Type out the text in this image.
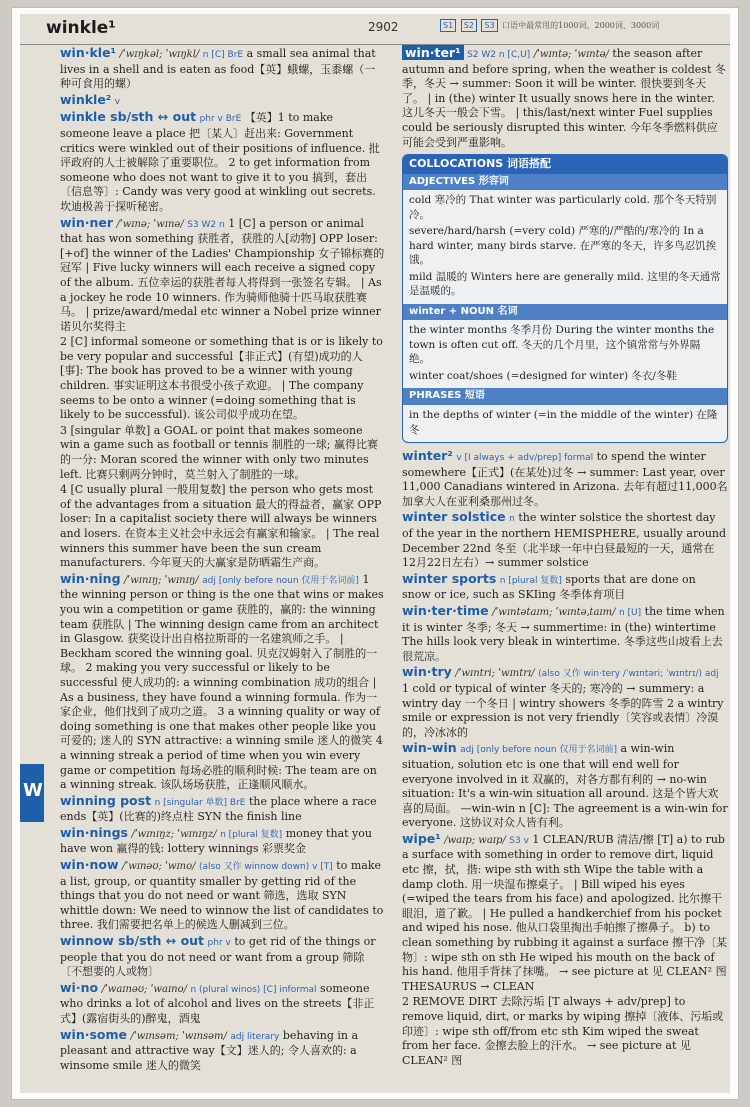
winkle¹	2902	S1 S2 S3 口语中最常用的1000词、2000词、3000词
W

win·kle¹ /ˈwɪŋkəl; ˈwɪŋkl/ n [C] BrE a small sea animal that lives in a shell and is eaten as food【英】蛾螺，玉黍螺（一种可食用的螺）

winkle² v

winkle sb/sth ↔ out phr v BrE 【英】1 to make someone leave a place 把〔某人〕赶出来: Government critics were winkled out of their positions of influence. 批评政府的人士被解除了重要职位。 2 to get information from someone who does not want to give it to you 搞到，套出〔信息等〕: Candy was very good at winkling out secrets. 坎迪极善于探听秘密。

win·ner /ˈwɪnə; ˈwɪnə/ S3 W2 n 1 [C] a person or animal that has won something 获胜者，获胜的人[动物] OPP loser: [+of] the winner of the Ladies' Championship 女子锦标赛的冠军 | Five lucky winners will each receive a signed copy of the album. 五位幸运的获胜者每人将得到一张签名专辑。 | As a jockey he rode 10 winners. 作为骑师他骑十匹马取获胜赛马。 | prize/award/medal etc winner a Nobel prize winner 诺贝尔奖得主

2 [C] informal someone or something that is or is likely to be very popular and successful【非正式】(有望)成功的人[事]: The book has proved to be a winner with young children. 事实证明这本书很受小孩子欢迎。 | The company seems to be onto a winner (=doing something that is likely to be successful). 该公司似乎成功在望。

3 [singular 单数] a GOAL or point that makes someone win a game such as football or tennis 制胜的一球; 赢得比赛的一分: Moran scored the winner with only two minutes left. 比赛只剩两分钟时，莫兰射入了制胜的一球。

4 [C usually plural 一般用复数] the person who gets most of the advantages from a situation 最大的得益者，赢家 OPP loser: In a capitalist society there will always be winners and losers. 在资本主义社会中永远会有赢家和输家。 | The real winners this summer have been the sun cream manufacturers. 今年夏天的大赢家是防晒霜生产商。

win·ning /ˈwɪnɪŋ; ˈwɪnɪŋ/ adj [only before noun 仅用于名词前] 1 the winning person or thing is the one that wins or makes you win a competition or game 获胜的，赢的: the winning team 获胜队 | The winning design came from an architect in Glasgow. 获奖设计出自格拉斯哥的一名建筑师之手。 | Beckham scored the winning goal. 贝克汉姆射入了制胜的一球。 2 making you very successful or likely to be successful 使人成功的: a winning combination 成功的组合 | As a business, they have found a winning formula. 作为一家企业，他们找到了成功之道。 3 a winning quality or way of doing something is one that makes other people like you 可爱的; 迷人的 SYN attractive: a winning smile 迷人的微笑 4 a winning streak a period of time when you win every game or competition 每场必胜的顺利时候: The team are on a winning streak. 该队场场获胜，正逢顺风顺水。

winning post n [singular 单数] BrE the place where a race ends【英】(比赛的)终点柱 SYN the finish line

win·nings /ˈwɪnɪŋz; ˈwɪnɪŋz/ n [plural 复数] money that you have won 赢得的钱: lottery winnings 彩票奖金

win·now /ˈwɪnəʊ; ˈwɪno/ (also 又作 winnow down) v [T] to make a list, group, or quantity smaller by getting rid of the things that you do not need or want 筛选，选取 SYN whittle down: We need to winnow the list of candidates to three. 我们需要把名单上的候选人删减到三位。

winnow sb/sth ↔ out phr v to get rid of the things or people that you do not need or want from a group 筛除〔不想要的人或物〕

wi·no /ˈwaɪnəʊ; ˈwaɪno/ n (plural winos) [C] informal someone who drinks a lot of alcohol and lives on the streets【非正式】(露宿街头的)醉鬼，酒鬼

win·some /ˈwɪnsəm; ˈwɪnsəm/ adj literary behaving in a pleasant and attractive way【文】迷人的; 令人喜欢的: a winsome smile 迷人的微笑

win·ter¹ S2 W2 n [C,U] /ˈwɪntə; ˈwɪntə/ the season after autumn and before spring, when the weather is coldest 冬季，冬天 → summer: Soon it will be winter. 很快要到冬天了。 | in (the) winter It usually snows here in the winter. 这儿冬天一般会下雪。 | this/last/next winter Fuel supplies could be seriously disrupted this winter. 今年冬季燃料供应可能会受到严重影响。

COLLOCATIONS 词语搭配
ADJECTIVES 形容词

cold 寒冷的 That winter was particularly cold. 那个冬天特别冷。

severe/hard/harsh (=very cold) 严寒的/严酷的/寒冷的 In a hard winter, many birds starve. 在严寒的冬天，许多鸟忍饥挨饿。

mild 温暖的 Winters here are generally mild. 这里的冬天通常是温暖的。

winter + NOUN 名词

the winter months 冬季月份 During the winter months the town is often cut off. 冬天的几个月里，这个镇常常与外界隔绝。

winter coat/shoes (=designed for winter) 冬衣/冬鞋

PHRASES 短语

in the depths of winter (=in the middle of the winter) 在隆冬

winter² v [I always + adv/prep] formal to spend the winter somewhere【正式】(在某处)过冬 → summer: Last year, over 11,000 Canadians wintered in Arizona. 去年有超过11,000名加拿大人在亚利桑那州过冬。

winter solstice n the winter solstice the shortest day of the year in the northern HEMISPHERE, usually around December 22nd 冬至（北半球一年中白昼最短的一天，通常在12月22日左右）→ summer solstice

winter sports n [plural 复数] sports that are done on snow or ice, such as SKIing 冬季体育项目

win·ter·time /ˈwɪntətaɪm; ˈwɪntəˌtaɪm/ n [U] the time when it is winter 冬季; 冬天 → summertime: in (the) wintertime The hills look very bleak in wintertime. 冬季这些山坡看上去很荒凉。

win·try /ˈwɪntri; ˈwɪntrɪ/ (also 又作 win·tery /ˈwɪntəri; ˈwɪntrɪ/) adj 1 cold or typical of winter 冬天的; 寒冷的 → summery: a wintry day 一个冬日 | wintry showers 冬季的阵雪 2 a wintry smile or expression is not very friendly〔笑容或表情〕冷漠的，冷冰冰的

win-win adj [only before noun 仅用于名词前] a win-win situation, solution etc is one that will end well for everyone involved in it 双赢的，对各方都有利的 → no-win situation: It's a win-win situation all around. 这是个皆大欢喜的局面。 —win-win n [C]: The agreement is a win-win for everyone. 这协议对众人皆有利。

wipe¹ /waɪp; waɪp/ S3 v 1 CLEAN/RUB 清洁/擦 [T] a) to rub a surface with something in order to remove dirt, liquid etc 擦，拭，揩: wipe sth with sth Wipe the table with a damp cloth. 用一块湿布擦桌子。 | Bill wiped his eyes (=wiped the tears from his face) and apologized. 比尔擦干眼泪，道了歉。 | He pulled a handkerchief from his pocket and wiped his nose. 他从口袋里掏出手帕擦了擦鼻子。 b) to clean something by rubbing it against a surface 擦干净〔某物〕: wipe sth on sth He wiped his mouth on the back of his hand. 他用手背抹了抹嘴。 → see picture at 见 CLEAN² 图 THESAURUS → CLEAN

2 REMOVE DIRT 去除污垢 [T always + adv/prep] to remove liquid, dirt, or marks by wiping 擦掉〔液体、污垢或印迹〕: wipe sth off/from etc sth Kim wiped the sweat from her face. 金擦去脸上的汗水。 → see picture at 见 CLEAN² 图
